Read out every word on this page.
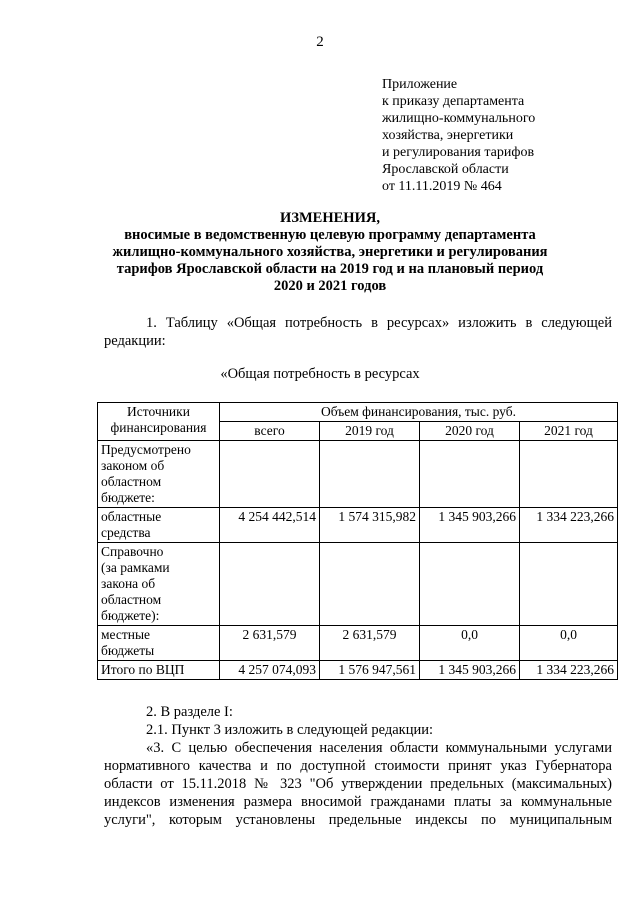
2
Приложение
к приказу департамента
жилищно-коммунального
хозяйства, энергетики
и регулирования тарифов
Ярославской области
от 11.11.2019 № 464
ИЗМЕНЕНИЯ,
вносимые в ведомственную целевую программу департамента
жилищно-коммунального хозяйства, энергетики и регулирования
тарифов Ярославской области на 2019 год и на плановый период
2020 и 2021 годов
1. Таблицу «Общая потребность в ресурсах» изложить в следующей
редакции:
«Общая потребность в ресурсах
Источники
финансирования	Объем финансирования, тыс. руб.			
	всего	2019 год	2020 год	2021 год

Предусмотрено
законом об
областном
бюджете:				

областные
средства	4 254 442,514	1 574 315,982	1 345 903,266	1 334 223,266

Справочно
(за рамками
закона об
областном
бюджете):				

местные
бюджеты	2 631,579	2 631,579	0,0	0,0
Итого по ВЦП	4 257 074,093	1 576 947,561	1 345 903,266	1 334 223,266
2. В разделе I:
2.1. Пункт 3 изложить в следующей редакции:
«3. С целью обеспечения населения области коммунальными услугами
нормативного качества и по доступной стоимости принят указ Губернатора
области от 15.11.2018 № 323 "Об утверждении предельных (максимальных)
индексов изменения размера вносимой гражданами платы за коммунальные
услуги", которым установлены предельные индексы по муниципальным
